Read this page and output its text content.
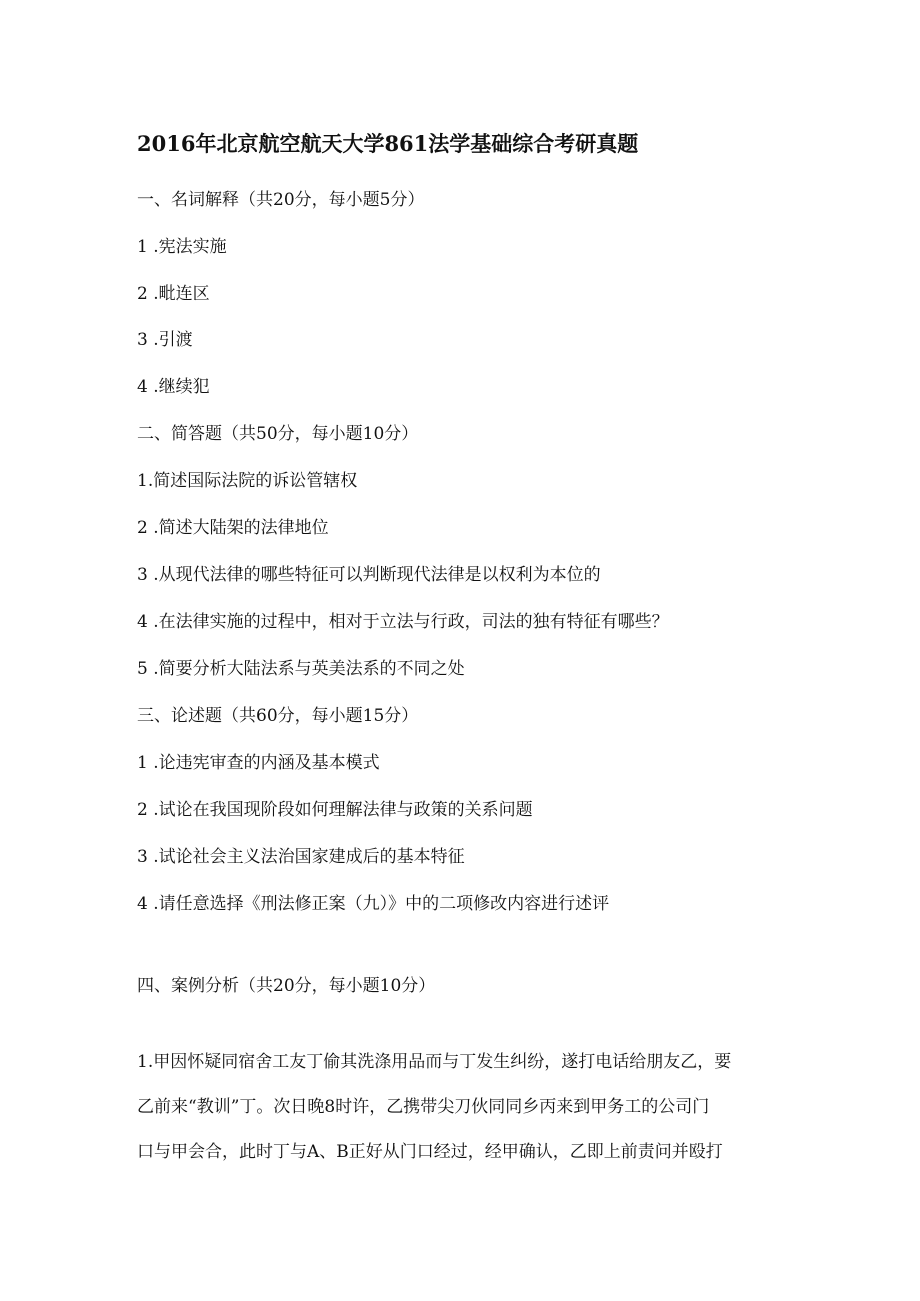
2016年北京航空航天大学861法学基础综合考研真题
一、名词解释（共20分，每小题5分）
1 .宪法实施
2 .毗连区
3 .引渡
4 .继续犯
二、简答题（共50分，每小题10分）
1.简述国际法院的诉讼管辖权
2 .简述大陆架的法律地位
3 .从现代法律的哪些特征可以判断现代法律是以权利为本位的
4 .在法律实施的过程中，相对于立法与行政，司法的独有特征有哪些？
5 .简要分析大陆法系与英美法系的不同之处
三、论述题（共60分，每小题15分）
1 .论违宪审查的内涵及基本模式
2 .试论在我国现阶段如何理解法律与政策的关系问题
3 .试论社会主义法治国家建成后的基本特征
4 .请任意选择《刑法修正案（九）》中的二项修改内容进行述评
四、案例分析（共20分，每小题10分）
1.甲因怀疑同宿舍工友丁偷其洗涤用品而与丁发生纠纷，遂打电话给朋友乙，要
乙前来“教训”丁。次日晚8时许，乙携带尖刀伙同同乡丙来到甲务工的公司门
口与甲会合，此时丁与A、B正好从门口经过，经甲确认，乙即上前责问并殴打
